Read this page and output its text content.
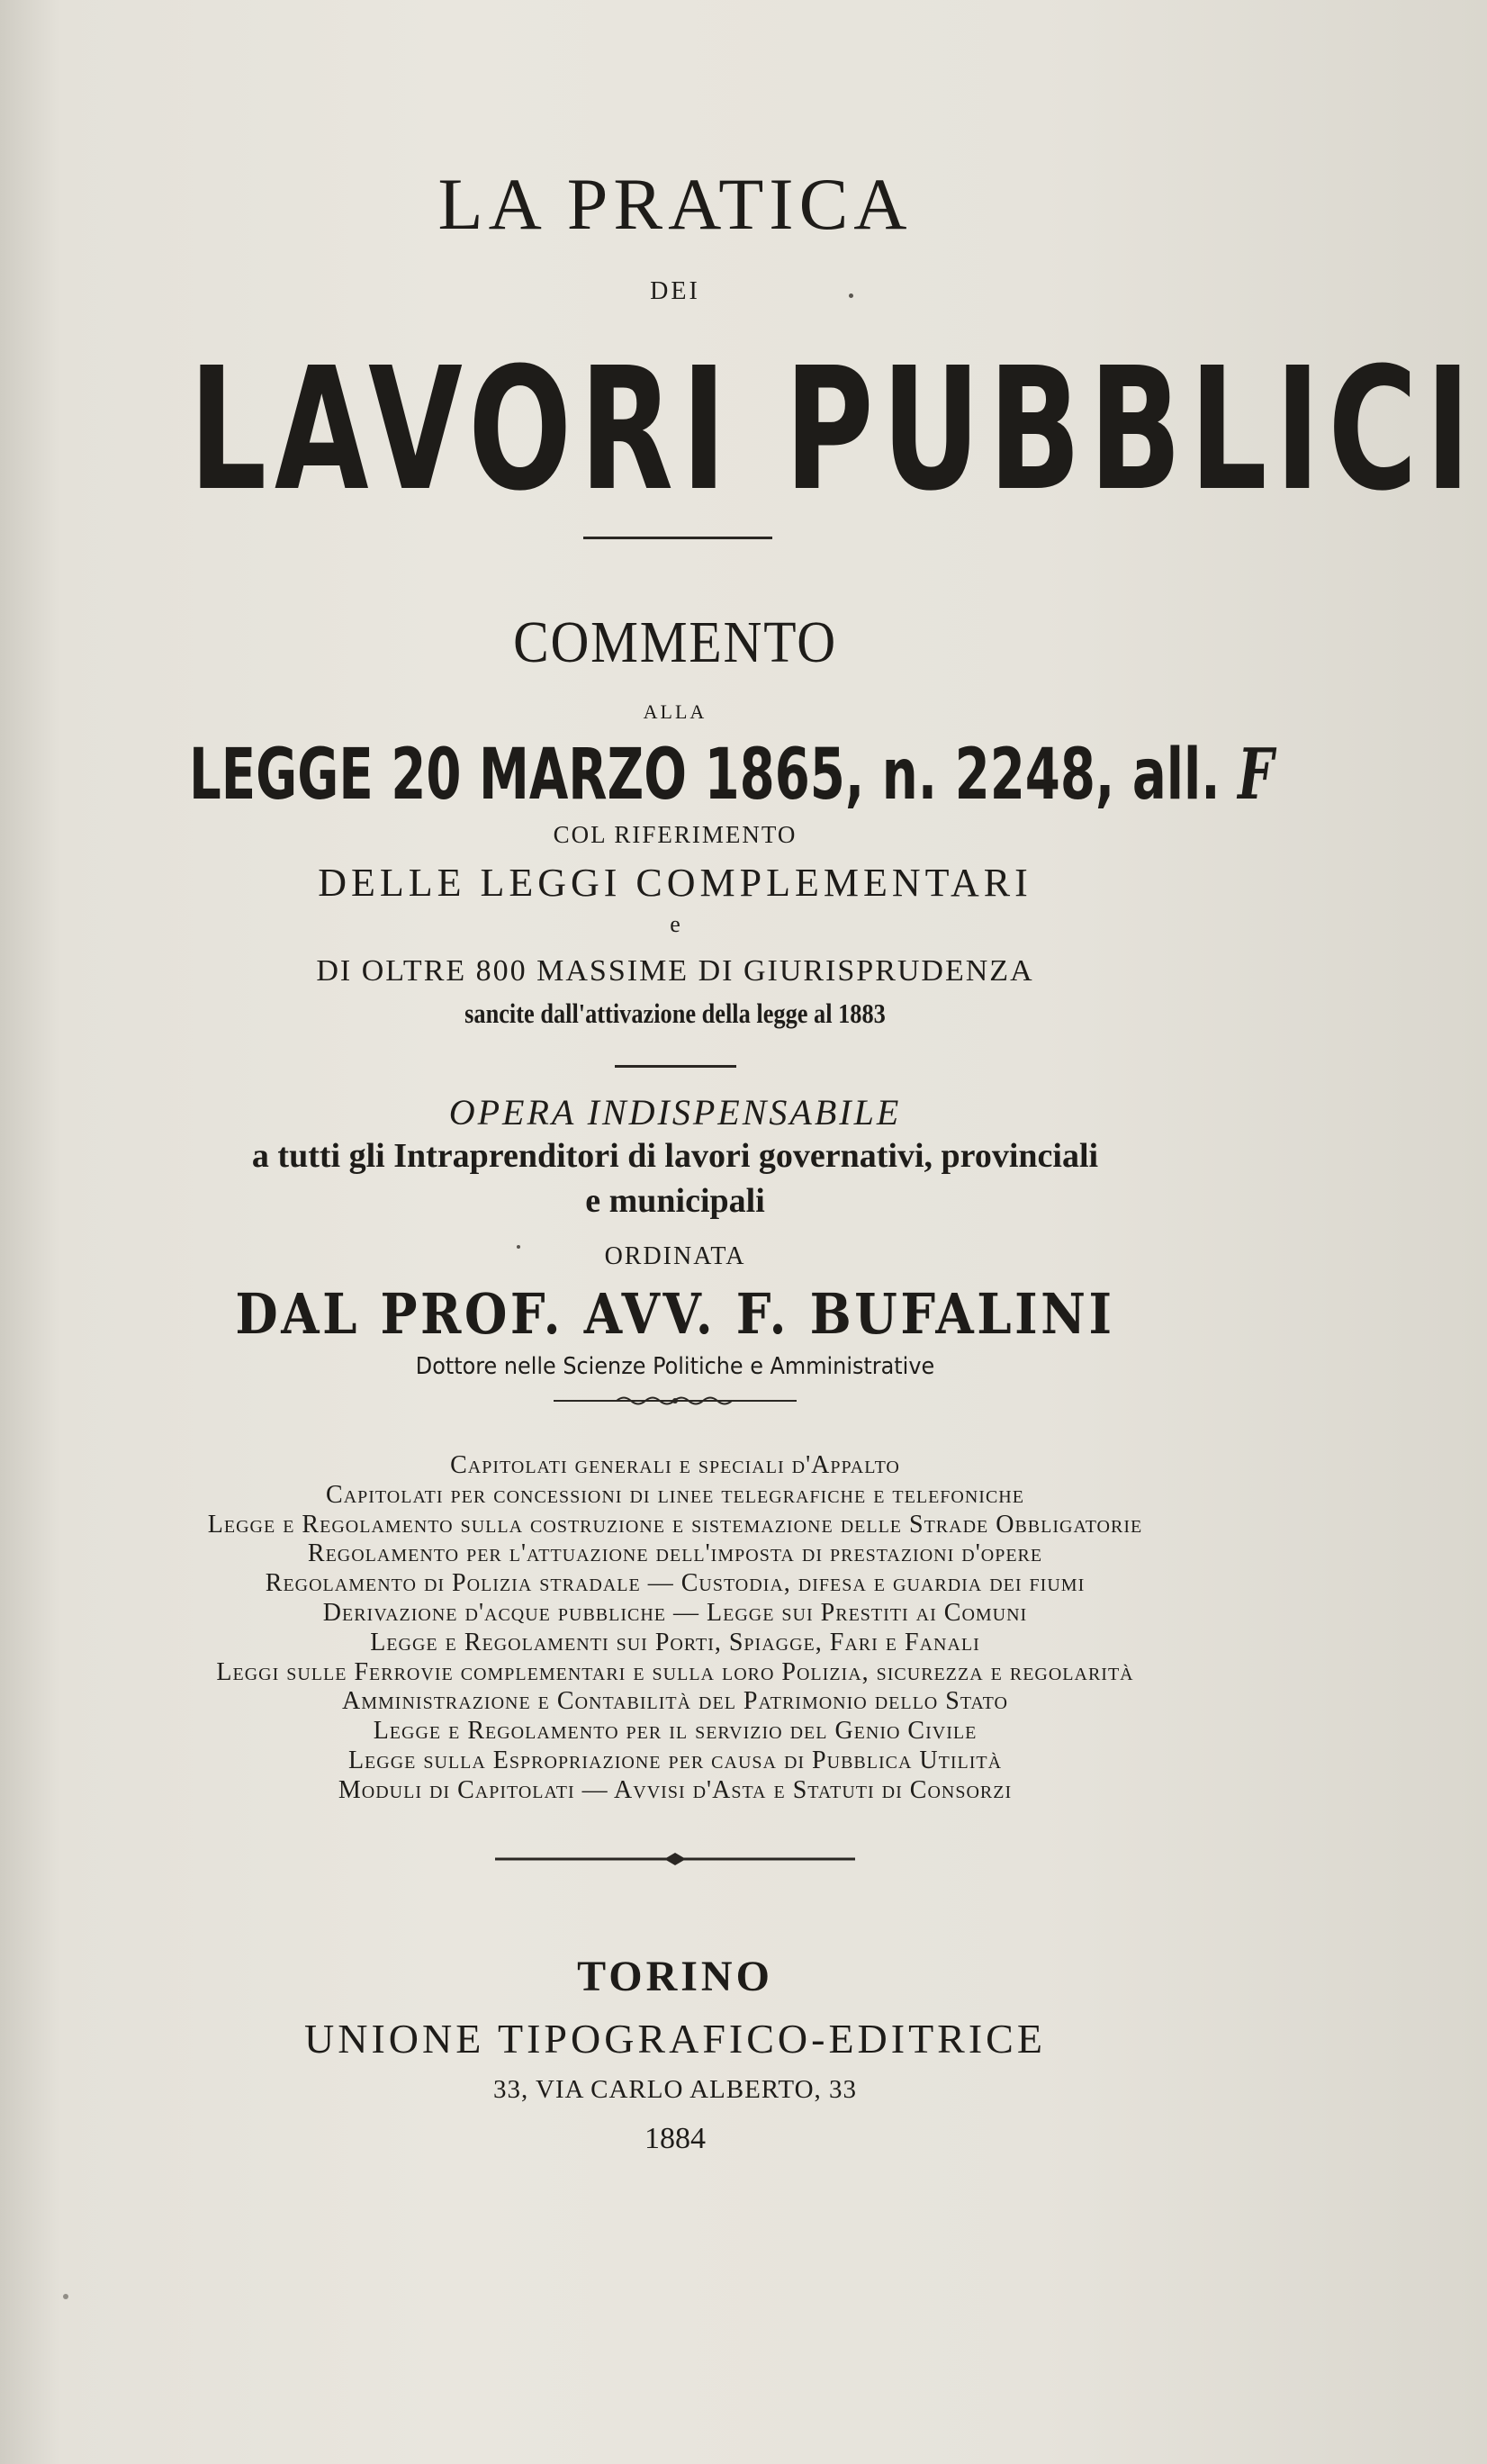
LA PRATICA
DEI
LAVORI PUBBLICI
COMMENTO
ALLA
LEGGE 20 MARZO 1865, n. 2248, all. F
COL RIFERIMENTO
DELLE LEGGI COMPLEMENTARI
e
DI OLTRE 800 MASSIME DI GIURISPRUDENZA
sancite dall'attivazione della legge al 1883
OPERA INDISPENSABILE
a tutti gli Intraprenditori di lavori governativi, provinciali
e municipali
ORDINATA
DAL PROF. AVV. F. BUFALINI
Dottore nelle Scienze Politiche e Amministrative
Capitolati generali e speciali d'Appalto
Capitolati per concessioni di linee telegrafiche e telefoniche
Legge e Regolamento sulla costruzione e sistemazione delle Strade Obbligatorie
Regolamento per l'attuazione dell'imposta di prestazioni d'opere
Regolamento di Polizia stradale — Custodia, difesa e guardia dei fiumi
Derivazione d'acque pubbliche — Legge sui Prestiti ai Comuni
Legge e Regolamenti sui Porti, Spiagge, Fari e Fanali
Leggi sulle Ferrovie complementari e sulla loro Polizia, sicurezza e regolarità
Amministrazione e Contabilità del Patrimonio dello Stato
Legge e Regolamento per il servizio del Genio Civile
Legge sulla Espropriazione per causa di Pubblica Utilità
Moduli di Capitolati — Avvisi d'Asta e Statuti di Consorzi
TORINO
UNIONE TIPOGRAFICO-EDITRICE
33, VIA CARLO ALBERTO, 33
1884
